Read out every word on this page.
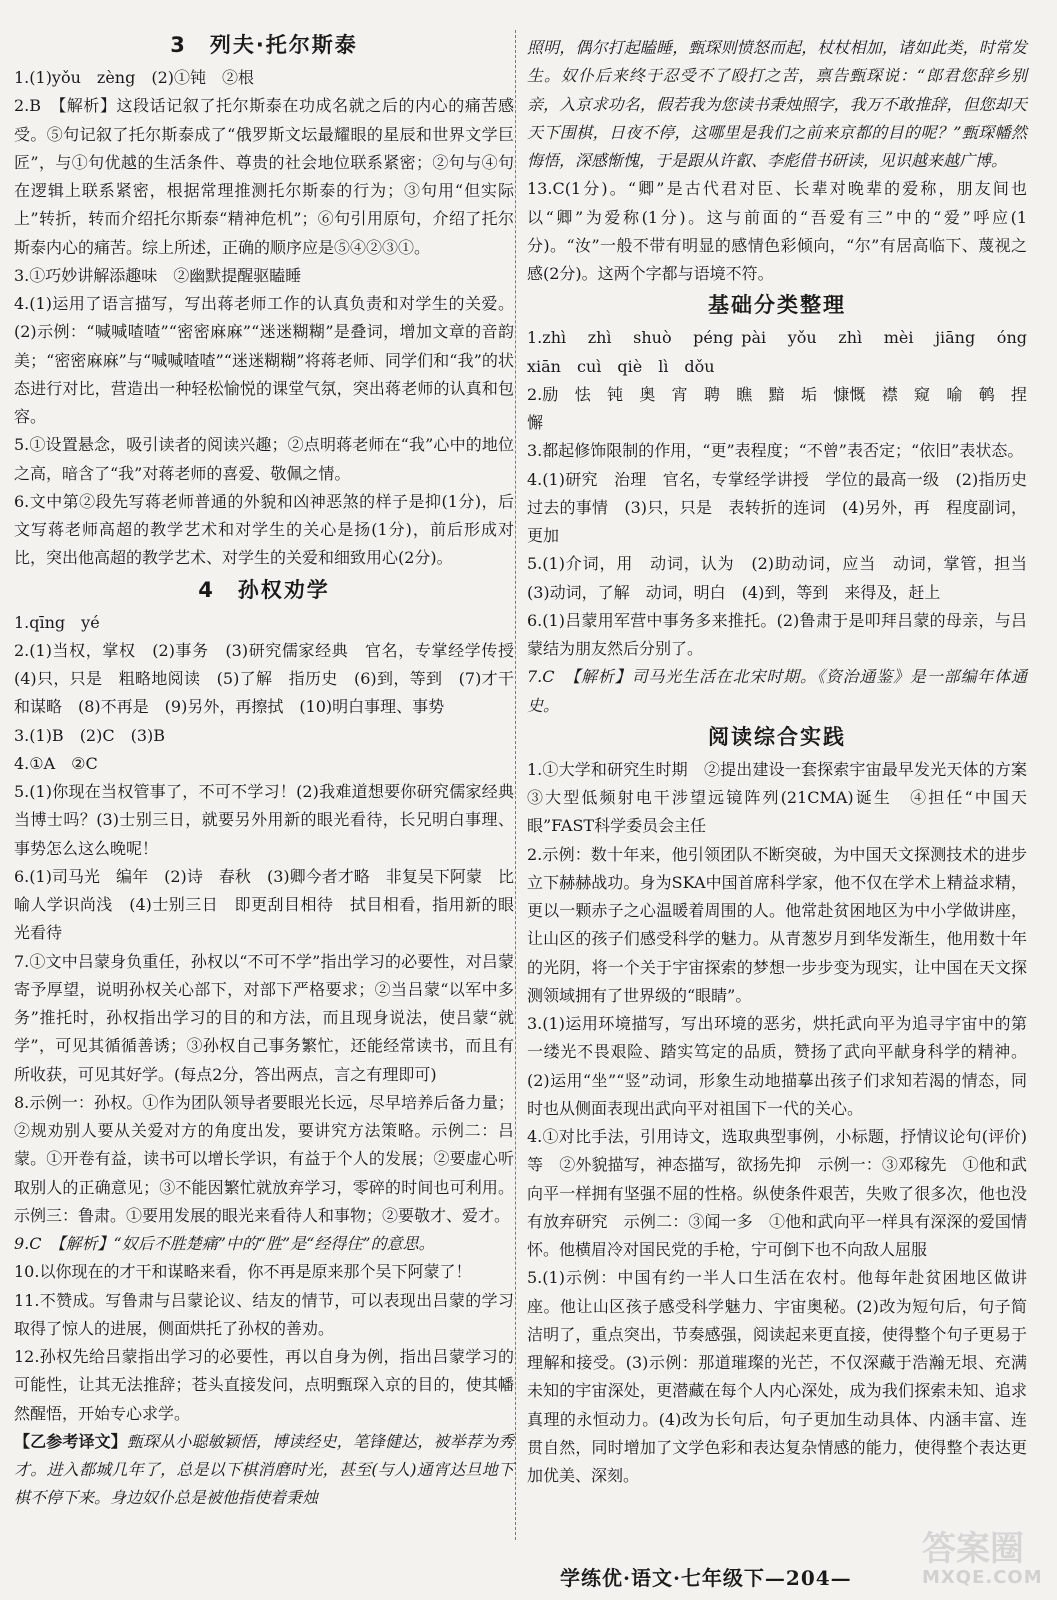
3　列夫·托尔斯泰

1.(1)yǒu　zèng　(2)①钝　②根

2.B　【解析】这段话记叙了托尔斯泰在功成名就之后的内心的痛苦感受。⑤句记叙了托尔斯泰成了“俄罗斯文坛最耀眼的星辰和世界文学巨匠”，与①句优越的生活条件、尊贵的社会地位联系紧密；②句与④句在逻辑上联系紧密，根据常理推测托尔斯泰的行为；③句用“但实际上”转折，转而介绍托尔斯泰“精神危机”；⑥句引用原句，介绍了托尔斯泰内心的痛苦。综上所述，正确的顺序应是⑤④②③①。

3.①巧妙讲解添趣味　②幽默提醒驱瞌睡

4.(1)运用了语言描写，写出蒋老师工作的认真负责和对学生的关爱。(2)示例：“喊喊喳喳”“密密麻麻”“迷迷糊糊”是叠词，增加文章的音韵美；“密密麻麻”与“喊喊喳喳”“迷迷糊糊”将蒋老师、同学们和“我”的状态进行对比，营造出一种轻松愉悦的课堂气氛，突出蒋老师的认真和包容。

5.①设置悬念，吸引读者的阅读兴趣；②点明蒋老师在“我”心中的地位之高，暗含了“我”对蒋老师的喜爱、敬佩之情。

6.文中第②段先写蒋老师普通的外貌和凶神恶煞的样子是抑(1分)，后文写蒋老师高超的教学艺术和对学生的关心是扬(1分)，前后形成对比，突出他高超的教学艺术、对学生的关爱和细致用心(2分)。

4　孙权劝学

1.qīng　yé

2.(1)当权，掌权　(2)事务　(3)研究儒家经典　官名，专掌经学传授　(4)只，只是　粗略地阅读　(5)了解　指历史　(6)到，等到　(7)才干和谋略　(8)不再是　(9)另外，再擦拭　(10)明白事理、事势

3.(1)B　(2)C　(3)B

4.①A　②C

5.(1)你现在当权管事了，不可不学习！(2)我难道想要你研究儒家经典当博士吗？(3)士别三日，就要另外用新的眼光看待，长兄明白事理、事势怎么这么晚呢！

6.(1)司马光　编年　(2)诗　春秋　(3)卿今者才略　非复吴下阿蒙　比喻人学识尚浅　(4)士别三日　即更刮目相待　拭目相看，指用新的眼光看待

7.①文中吕蒙身负重任，孙权以“不可不学”指出学习的必要性，对吕蒙寄予厚望，说明孙权关心部下，对部下严格要求；②当吕蒙“以军中多务”推托时，孙权指出学习的目的和方法，而且现身说法，使吕蒙“就学”，可见其循循善诱；③孙权自己事务繁忙，还能经常读书，而且有所收获，可见其好学。(每点2分，答出两点，言之有理即可)

8.示例一：孙权。①作为团队领导者要眼光长远，尽早培养后备力量；②规劝别人要从关爱对方的角度出发，要讲究方法策略。示例二：吕蒙。①开卷有益，读书可以增长学识，有益于个人的发展；②要虚心听取别人的正确意见；③不能因繁忙就放弃学习，零碎的时间也可利用。示例三：鲁肃。①要用发展的眼光来看待人和事物；②要敬才、爱才。

9.C　【解析】“奴后不胜楚痛”中的“胜”是“经得住”的意思。

10.以你现在的才干和谋略来看，你不再是原来那个吴下阿蒙了！

11.不赞成。写鲁肃与吕蒙论议、结友的情节，可以表现出吕蒙的学习取得了惊人的进展，侧面烘托了孙权的善劝。

12.孙权先给吕蒙指出学习的必要性，再以自身为例，指出吕蒙学习的可能性，让其无法推辞；苍头直接发问，点明甄琛入京的目的，使其幡然醒悟，开始专心求学。

【乙参考译文】甄琛从小聪敏颖悟，博读经史，笔锋健达，被举荐为秀才。进入都城几年了，总是以下棋消磨时光，甚至(与人)通宵达旦地下棋不停下来。身边奴仆总是被他指使着秉烛

照明，偶尔打起瞌睡，甄琛则愤怒而起，杖杖相加，诸如此类，时常发生。奴仆后来终于忍受不了殴打之苦，禀告甄琛说：“郎君您辞乡别亲，入京求功名，假若我为您读书秉烛照字，我万不敢推辞，但您却天天下围棋，日夜不停，这哪里是我们之前来京都的目的呢？”甄琛幡然悔悟，深感惭愧，于是跟从许叡、李彪借书研读，见识越来越广博。

13.C(1分)。“卿”是古代君对臣、长辈对晚辈的爱称，朋友间也以“卿”为爱称(1分)。这与前面的“吾爱有三”中的“爱”呼应(1分)。“汝”一般不带有明显的感情色彩倾向，“尔”有居高临下、蔑视之感(2分)。这两个字都与语境不符。

基础分类整理

1.zhì　zhì　shuò　péng pài　yǒu　zhì　mèi　jiāng　óng　xiān　cuì　qiè　lì　dǒu

2.励　怯　钝　奥　宵　聘　瞧　黯　垢　慷慨　襟　窥　喻　鹌　捏　懈

3.都起修饰限制的作用，“更”表程度；“不曾”表否定；“依旧”表状态。

4.(1)研究　治理　官名，专掌经学讲授　学位的最高一级　(2)指历史　过去的事情　(3)只，只是　表转折的连词　(4)另外，再　程度副词，更加

5.(1)介词，用　动词，认为　(2)助动词，应当　动词，掌管，担当　(3)动词，了解　动词，明白　(4)到，等到　来得及，赶上

6.(1)吕蒙用军营中事务多来推托。(2)鲁肃于是叩拜吕蒙的母亲，与吕蒙结为朋友然后分别了。

7.C　【解析】司马光生活在北宋时期。《资治通鉴》是一部编年体通史。

阅读综合实践

1.①大学和研究生时期　②提出建设一套探索宇宙最早发光天体的方案　③大型低频射电干涉望远镜阵列(21CMA)诞生　④担任“中国天眼”FAST科学委员会主任

2.示例：数十年来，他引领团队不断突破，为中国天文探测技术的进步立下赫赫战功。身为SKA中国首席科学家，他不仅在学术上精益求精，更以一颗赤子之心温暖着周围的人。他常赴贫困地区为中小学做讲座，让山区的孩子们感受科学的魅力。从青葱岁月到华发渐生，他用数十年的光阴，将一个关于宇宙探索的梦想一步步变为现实，让中国在天文探测领域拥有了世界级的“眼睛”。

3.(1)运用环境描写，写出环境的恶劣，烘托武向平为追寻宇宙中的第一缕光不畏艰险、踏实笃定的品质，赞扬了武向平献身科学的精神。(2)运用“坐”“竖”动词，形象生动地描摹出孩子们求知若渴的情态，同时也从侧面表现出武向平对祖国下一代的关心。

4.①对比手法，引用诗文，选取典型事例，小标题，抒情议论句(评价)等　②外貌描写，神态描写，欲扬先抑　示例一：③邓稼先　①他和武向平一样拥有坚强不屈的性格。纵使条件艰苦，失败了很多次，他也没有放弃研究　示例二：③闻一多　①他和武向平一样具有深深的爱国情怀。他横眉冷对国民党的手枪，宁可倒下也不向敌人屈服

5.(1)示例：中国有约一半人口生活在农村。他每年赴贫困地区做讲座。他让山区孩子感受科学魅力、宇宙奥秘。(2)改为短句后，句子简洁明了，重点突出，节奏感强，阅读起来更直接，使得整个句子更易于理解和接受。(3)示例：那道璀璨的光芒，不仅深藏于浩瀚无垠、充满未知的宇宙深处，更潜藏在每个人内心深处，成为我们探索未知、追求真理的永恒动力。(4)改为长句后，句子更加生动具体、内涵丰富、连贯自然，同时增加了文学色彩和表达复杂情感的能力，使得整个表达更加优美、深刻。

学练优·语文·七年级下—204—
答案圈
MXQE.COM
